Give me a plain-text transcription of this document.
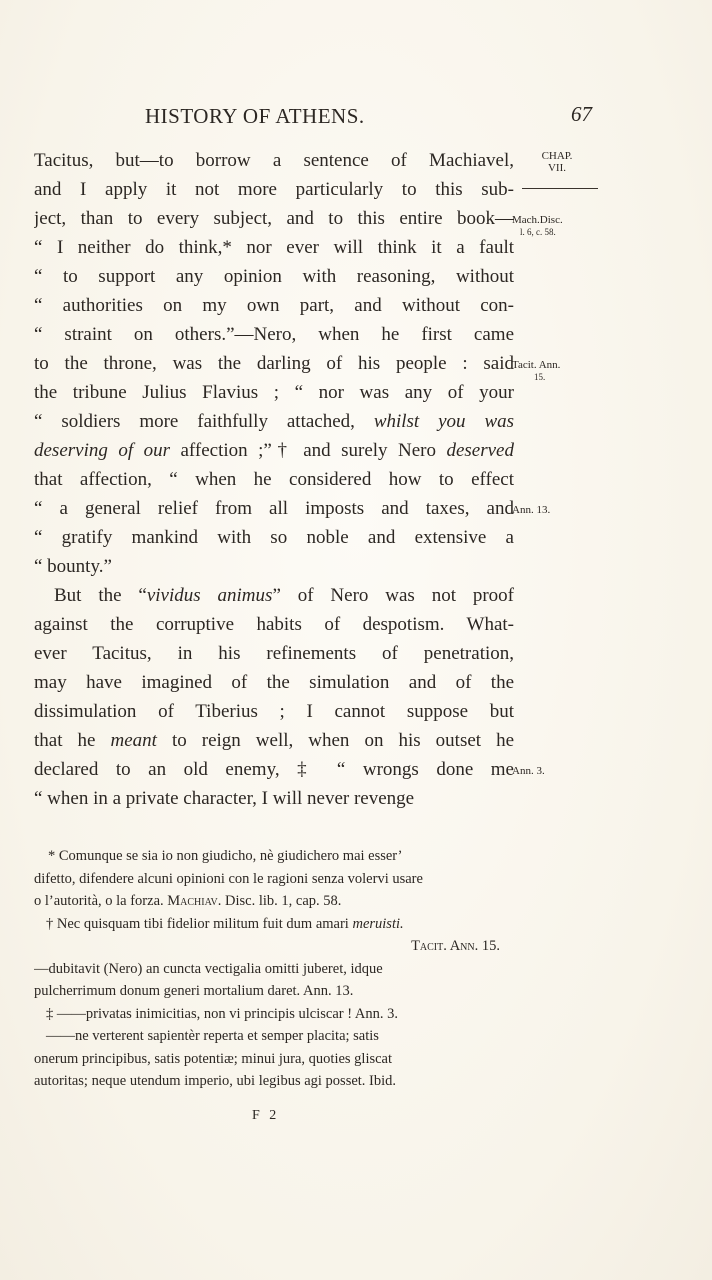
HISTORY OF ATHENS.	67
Tacitus, but—to borrow a sentence of Machiavel,
and I apply it not more particularly to this sub-
ject, than to every subject, and to this entire book—
“ I neither do think,* nor ever will think it a fault
“ to support any opinion with reasoning, without
“ authorities on my own part, and without con-
“ straint on others.”—Nero, when he first came
to the throne, was the darling of his people : said
the tribune Julius Flavius ; “ nor was any of your
“ soldiers more faithfully attached, whilst you was
deserving of our affection ;”† and surely Nero deserved
that affection, “ when he considered how to effect
“ a general relief from all imposts and taxes, and
“ gratify mankind with so noble and extensive a
“ bounty.”
But the “vividus animus” of Nero was not proof
against the corruptive habits of despotism. What-
ever Tacitus, in his refinements of penetration,
may have imagined of the simulation and of the
dissimulation of Tiberius ; I cannot suppose but
that he meant to reign well, when on his outset he
declared to an old enemy, ‡ “ wrongs done me
“ when in a private character, I will never revenge
CHAP.
VII.
Mach.Disc.
l. 6, c. 58.
Tacit. Ann.
15.
Ann. 13.
Ann. 3.
* Comunque se sia io non giudicho, nè giudichero mai esser’
difetto, difendere alcuni opinioni con le ragioni senza volervi usare
o l’autorità, o la forza. Machiav. Disc. lib. 1, cap. 58.
† Nec quisquam tibi fidelior militum fuit dum amari meruisti.
Tacit. Ann. 15.
—dubitavit (Nero) an cuncta vectigalia omitti juberet, idque
pulcherrimum donum generi mortalium daret. Ann. 13.
‡ ——privatas inimicitias, non vi principis ulciscar ! Ann. 3.
——ne verterent sapientèr reperta et semper placita; satis
onerum principibus, satis potentiæ; minui jura, quoties gliscat
autoritas; neque utendum imperio, ubi legibus agi posset. Ibid.
F 2
